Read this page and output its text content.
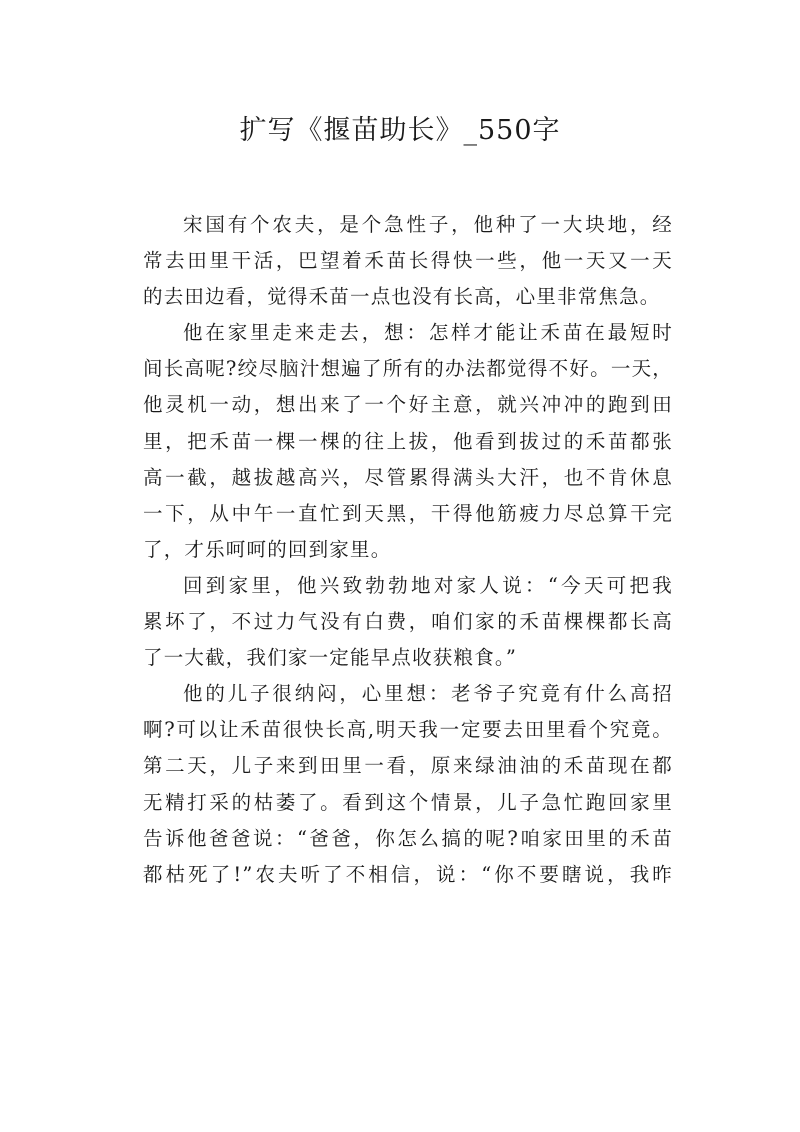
扩写《揠苗助长》_550字
宋国有个农夫，是个急性子，他种了一大块地，经
常去田里干活，巴望着禾苗长得快一些，他一天又一天
的去田边看，觉得禾苗一点也没有长高，心里非常焦急。
他在家里走来走去，想：怎样才能让禾苗在最短时
间长高呢?绞尽脑汁想遍了所有的办法都觉得不好。一天，
他灵机一动，想出来了一个好主意，就兴冲冲的跑到田
里，把禾苗一棵一棵的往上拔，他看到拔过的禾苗都张
高一截，越拔越高兴，尽管累得满头大汗，也不肯休息
一下，从中午一直忙到天黑，干得他筋疲力尽总算干完
了，才乐呵呵的回到家里。
回到家里，他兴致勃勃地对家人说：“今天可把我
累坏了，不过力气没有白费，咱们家的禾苗棵棵都长高
了一大截，我们家一定能早点收获粮食。”
他的儿子很纳闷，心里想：老爷子究竟有什么高招
啊?可以让禾苗很快长高,明天我一定要去田里看个究竟。
第二天，儿子来到田里一看，原来绿油油的禾苗现在都
无精打采的枯萎了。看到这个情景，儿子急忙跑回家里
告诉他爸爸说：“爸爸，你怎么搞的呢?咱家田里的禾苗
都枯死了!”农夫听了不相信，说：“你不要瞎说，我昨
